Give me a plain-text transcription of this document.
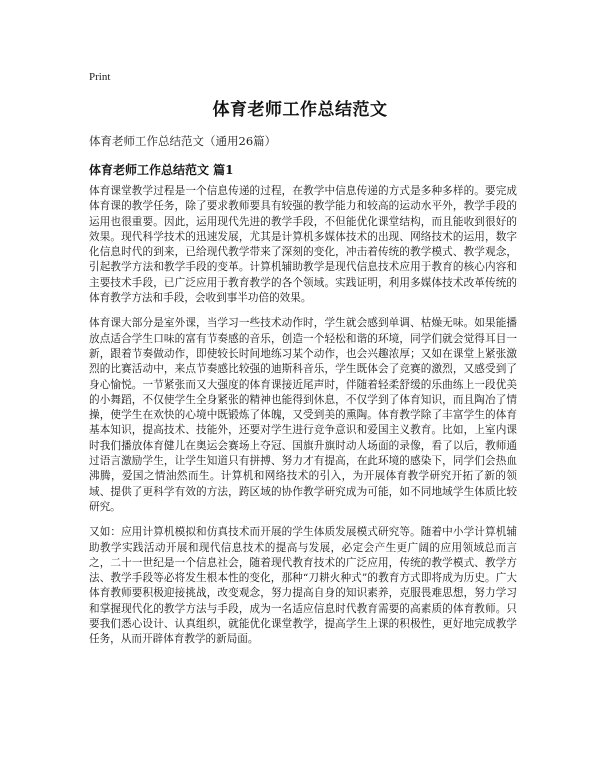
Print
体育老师工作总结范文

体育老师工作总结范文（通用26篇）

体育老师工作总结范文 篇1

体育课堂教学过程是一个信息传递的过程，在教学中信息传递的方式是多种多样的。要完成体育课的教学任务，除了要求教师要具有较强的教学能力和较高的运动水平外，教学手段的运用也很重要。因此，运用现代先进的教学手段，不但能优化课堂结构，而且能收到很好的效果。现代科学技术的迅速发展，尤其是计算机多媒体技术的出现、网络技术的运用，数字化信息时代的到来，已给现代教学带来了深刻的变化，冲击着传统的教学模式、教学观念，引起教学方法和教学手段的变革。计算机辅助教学是现代信息技术应用于教育的核心内容和主要技术手段，已广泛应用于教育教学的各个领域。实践证明，利用多媒体技术改革传统的体育教学方法和手段，会收到事半功倍的效果。

体育课大部分是室外课，当学习一些技术动作时，学生就会感到单调、枯燥无味。如果能播放点适合学生口味的富有节奏感的音乐，创造一个轻松和谐的环境，同学们就会觉得耳目一新，跟着节奏做动作，即使较长时间地练习某个动作，也会兴趣浓厚；又如在课堂上紧张激烈的比赛活动中，来点节奏感比较强的迪斯科音乐，学生既体会了竞赛的激烈，又感受到了身心愉悦。一节紧张而又大强度的体育课接近尾声时，伴随着轻柔舒缓的乐曲练上一段优美的小舞蹈，不仅使学生全身紧张的精神也能得到休息，不仅学到了体育知识，而且陶冶了情操，使学生在欢快的心境中既锻炼了体魄，又受到美的熏陶。体育教学除了丰富学生的体育基本知识，提高技术、技能外，还要对学生进行竞争意识和爱国主义教育。比如，上室内课时我们播放体育健儿在奥运会赛场上夺冠、国旗升旗时动人场面的录像，看了以后，教师通过语言激励学生，让学生知道只有拼搏、努力才有提高，在此环境的感染下，同学们会热血沸腾，爱国之情油然而生。计算机和网络技术的引入，为开展体育教学研究开拓了新的领域、提供了更科学有效的方法，跨区域的协作教学研究成为可能，如不同地域学生体质比较研究。

又如：应用计算机模拟和仿真技术而开展的学生体质发展模式研究等。随着中小学计算机辅助教学实践活动开展和现代信息技术的提高与发展，必定会产生更广阔的应用领域总而言之，二十一世纪是一个信息社会，随着现代教育技术的广泛应用，传统的教学模式、教学方法、教学手段等必将发生根本性的变化，那种“刀耕火种式”的教育方式即将成为历史。广大体育教师要积极迎接挑战，改变观念，努力提高自身的知识素养，克服畏难思想，努力学习和掌握现代化的教学方法与手段，成为一名适应信息时代教育需要的高素质的体育教师。只要我们悉心设计、认真组织，就能优化课堂教学，提高学生上课的积极性，更好地完成教学任务，从而开辟体育教学的新局面。
